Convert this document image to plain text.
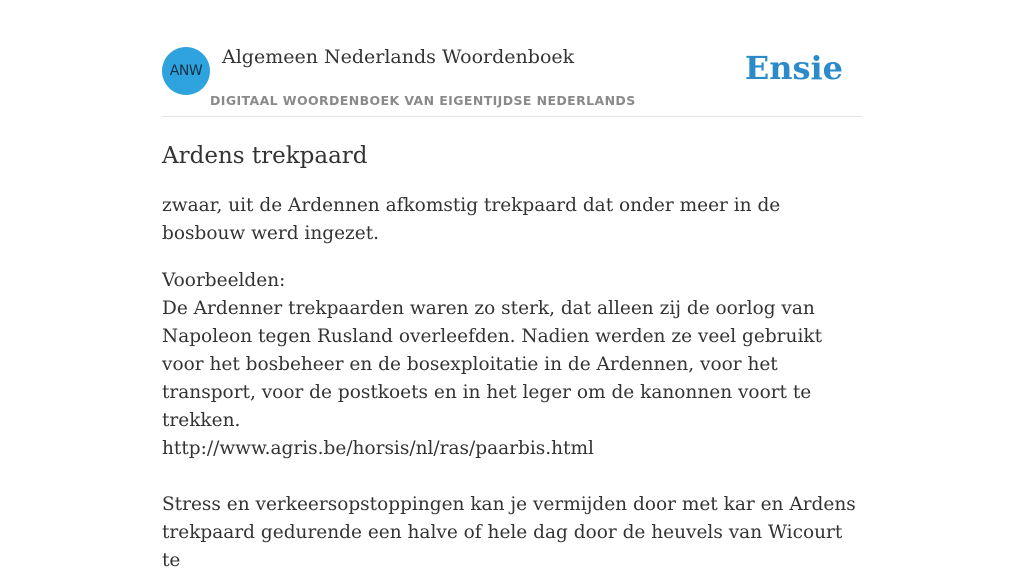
ANW
Algemeen Nederlands Woordenboek
DIGITAAL WOORDENBOEK VAN EIGENTIJDSE NEDERLANDS
Ensie
Ardens trekpaard

zwaar, uit de Ardennen afkomstig trekpaard dat onder meer in de bosbouw werd ingezet.

Voorbeelden:

De Ardenner trekpaarden waren zo sterk, dat alleen zij de oorlog van Napoleon tegen Rusland overleefden. Nadien werden ze veel gebruikt voor het bosbeheer en de bosexploitatie in de Ardennen, voor het transport, voor de postkoets en in het leger om de kanonnen voort te trekken.

http://www.agris.be/horsis/nl/ras/paarbis.html

Stress en verkeersopstoppingen kan je vermijden door met kar en Ardens trekpaard gedurende een halve of hele dag door de heuvels van Wicourt te
